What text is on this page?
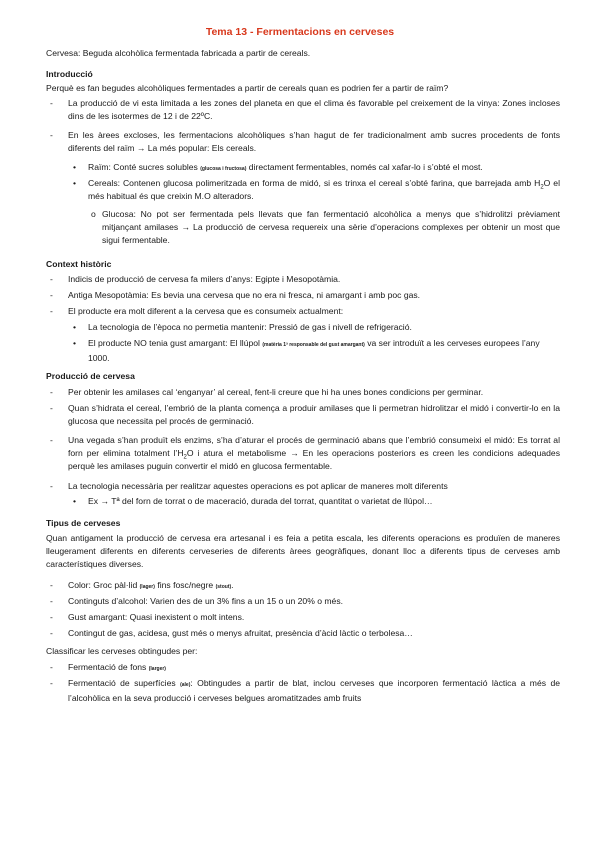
Tema 13 - Fermentacions en cerveses
Cervesa: Beguda alcohòlica fermentada fabricada a partir de cereals.
Introducció
Perquè es fan begudes alcohòliques fermentades a partir de cereals quan es podrien fer a partir de raïm?
- La producció de vi esta limitada a les zones del planeta en que el clima és favorable pel creixement de la vinya: Zones incloses dins de les isotermes de 12 i de 22ºC.
- En les àrees excloses, les fermentacions alcohòliques s’han hagut de fer tradicionalment amb sucres procedents de fonts diferents del raïm → La més popular: Els cereals.
• Raïm: Conté sucres solubles (glucosa i fructosa) directament fermentables, només cal xafar-lo i s’obté el most.
• Cereals: Contenen glucosa polimeritzada en forma de midó, si es trinxa el cereal s’obté farina, que barrejada amb $H_2O$ el més habitual és que creixin M.O alteradors.
o Glucosa: No pot ser fermentada pels llevats que fan fermentació alcohòlica a menys que s’hidrolitzi prèviament mitjançant amilases → La producció de cervesa requereix una sèrie d’operacions complexes per obtenir un most que sigui fermentable.
Context històric
- Indicis de producció de cervesa fa milers d’anys: Egipte i Mesopotàmia.
- Antiga Mesopotàmia: Es bevia una cervesa que no era ni fresca, ni amargant i amb poc gas.
- El producte era molt diferent a la cervesa que es consumeix actualment:
• La tecnologia de l’època no permetia mantenir: Pressió de gas i nivell de refrigeració.
• El producte NO tenia gust amargant: El llúpol (matèria 1ª responsable del gust amargant) va ser introduït a les cerveses europees l’any 1000.
Producció de cervesa
- Per obtenir les amilases cal ‘enganyar’ al cereal, fent-li creure que hi ha unes bones condicions per germinar.
- Quan s’hidrata el cereal, l’embrió de la planta comença a produir amilases que li permetran hidrolitzar el midó i convertir-lo en la glucosa que necessita pel procés de germinació.
- Una vegada s’han produït els enzims, s’ha d’aturar el procés de germinació abans que l’embrió consumeixi el midó: Es torrat al forn per elimina totalment $l’H_2O$ i atura el metabolisme → En les operacions posteriors es creen les condicions adequades perquè les amilases puguin convertir el midó en glucosa fermentable.
- La tecnologia necessària per realitzar aquestes operacions es pot aplicar de maneres molt diferents
• Ex → Tª del forn de torrat o de maceració, durada del torrat, quantitat o varietat de llúpol…
Tipus de cerveses
Quan antigament la producció de cervesa era artesanal i es feia a petita escala, les diferents operacions es produïen de maneres lleugerament diferents en diferents cerveseries de diferents àrees geogràfiques, donant lloc a diferents tipus de cerveses amb característiques diverses.
- Color: Groc pàl·lid (lager) fins fosc/negre (stout).
- Continguts d’alcohol: Varien des de un 3% fins a un 15 o un 20% o més.
- Gust amargant: Quasi inexistent o molt intens.
- Contingut de gas, acidesa, gust més o menys afruitat, presència d’àcid làctic o terbolesa…
Classificar les cerveses obtingudes per:
- Fermentació de fons (larger)
- Fermentació de superfícies (ale): Obtingudes a partir de blat, inclou cerveses que incorporen fermentació làctica a més de l’alcohòlica en la seva producció i cerveses belgues aromatitzades amb fruits
